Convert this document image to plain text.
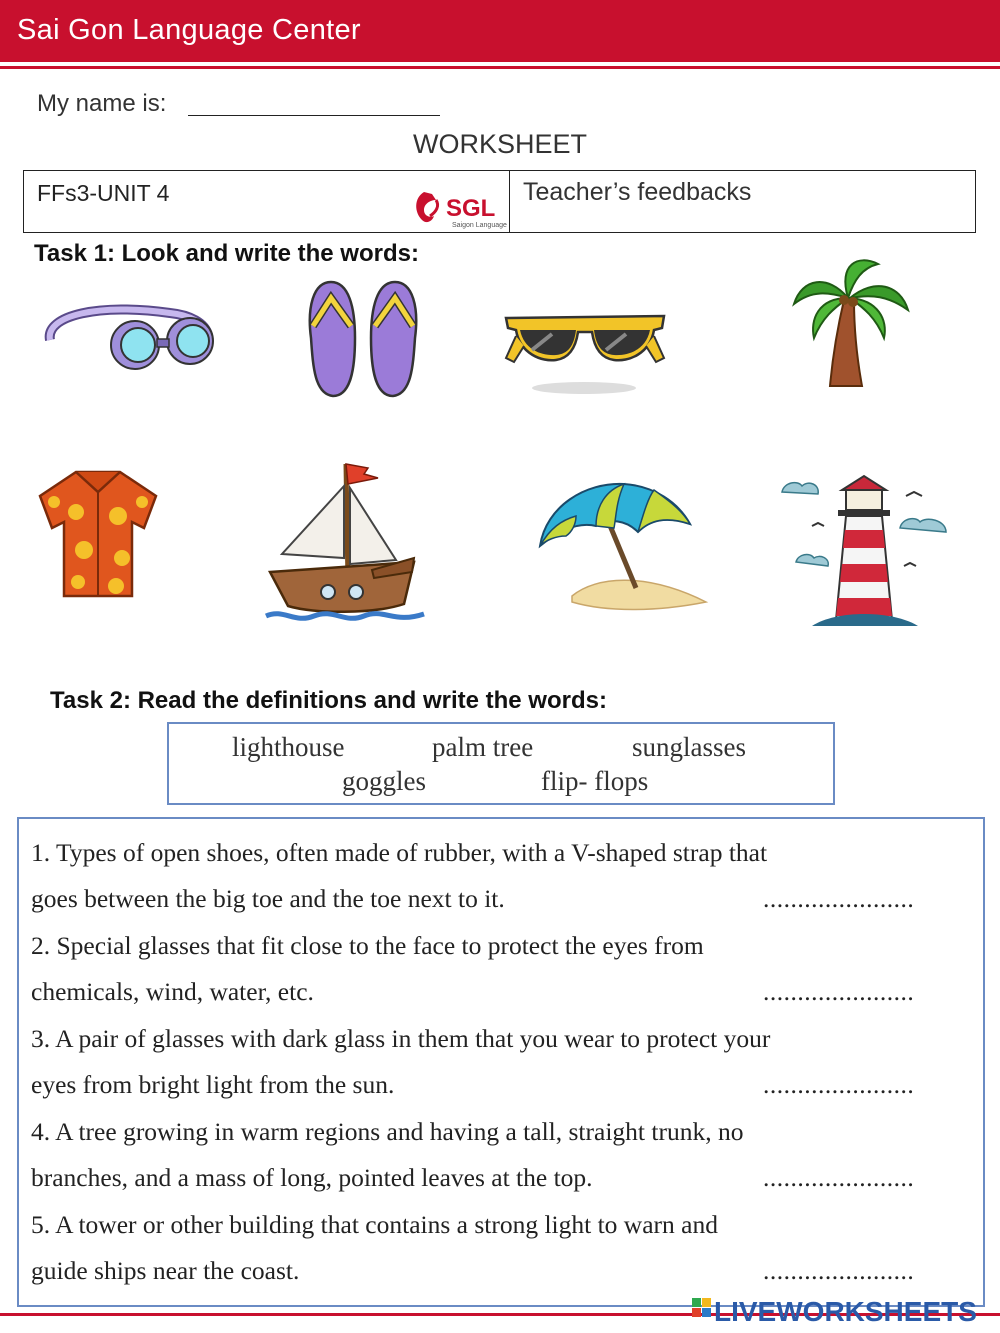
Sai Gon Language Center
My name is:
WORKSHEET
FFs3-UNIT 4	Teacher’s feedbacks
SGL
Saigon Language
Task 1: Look and write the words:
Task 2: Read the definitions and write the words:
lighthouse	palm tree	sunglasses
goggles	flip- flops
1. Types of open shoes, often made of rubber, with a V-shaped strap that
goes between the big toe and the toe next to it.	......................
2. Special glasses that fit close to the face to protect the eyes from
chemicals, wind, water, etc.	......................
3. A pair of glasses with dark glass in them that you wear to protect your
eyes from bright light from the sun.	......................
4. A tree growing in warm regions and having a tall, straight trunk, no
branches, and a mass of long, pointed leaves at the top.	......................
5. A tower or other building that contains a strong light to warn and
guide ships near the coast.	......................
LIVEWORKSHEETS
